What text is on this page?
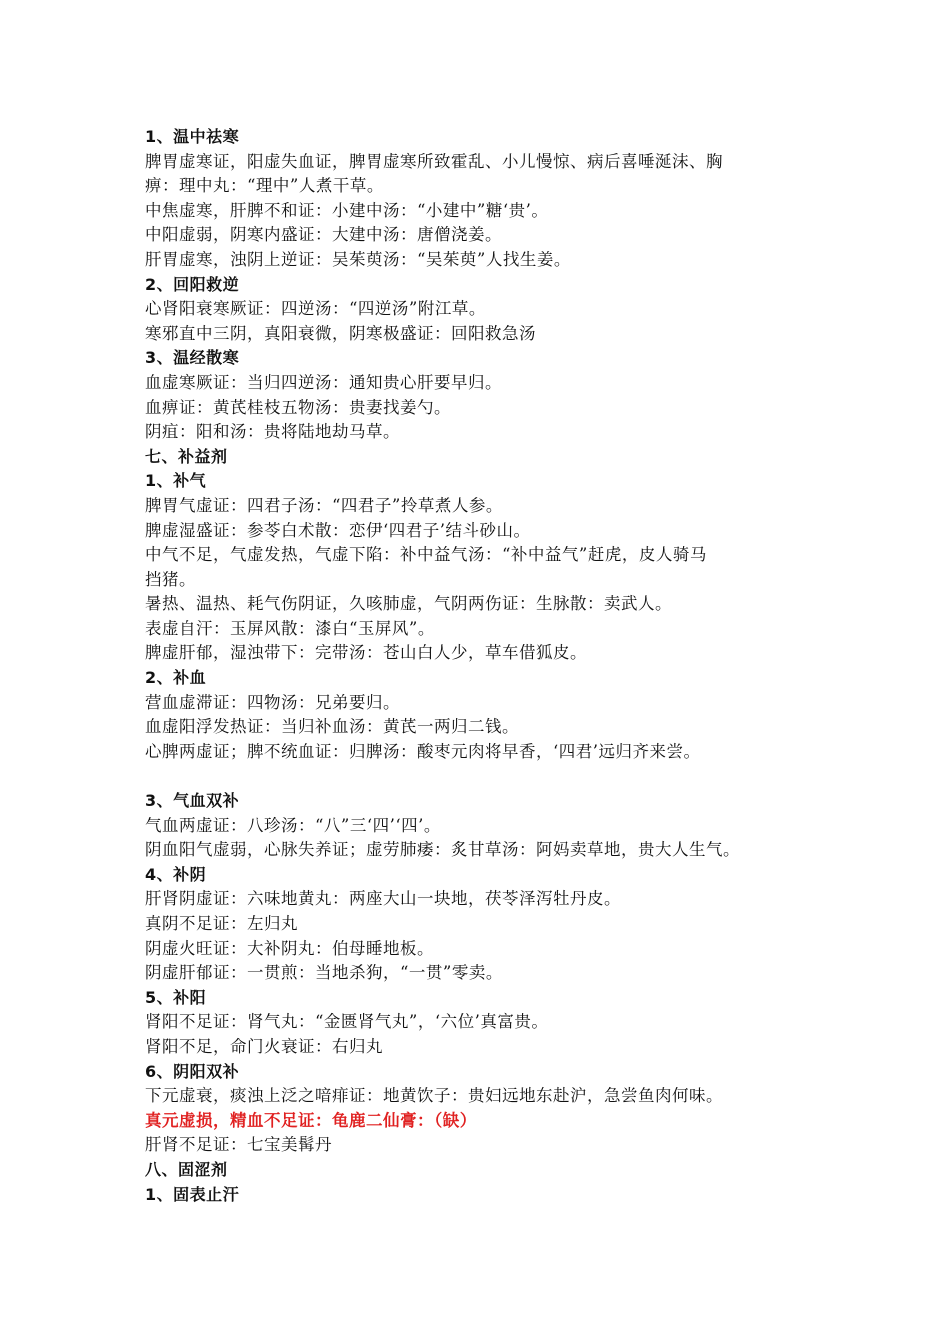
1、温中祛寒
脾胃虚寒证，阳虚失血证，脾胃虚寒所致霍乱、小儿慢惊、病后喜唾涎沫、胸
痹：理中丸：“理中”人煮干草。
中焦虚寒，肝脾不和证：小建中汤：“小建中”糖‘贵’。
中阳虚弱，阴寒内盛证：大建中汤：唐僧浇姜。
肝胃虚寒，浊阴上逆证：吴茱萸汤：“吴茱萸”人找生姜。
2、回阳救逆
心肾阳衰寒厥证：四逆汤：“四逆汤”附江草。
寒邪直中三阴，真阳衰微，阴寒极盛证：回阳救急汤
3、温经散寒
血虚寒厥证：当归四逆汤：通知贵心肝要早归。
血痹证：黄芪桂枝五物汤：贵妻找姜勺。
阴疽：阳和汤：贵将陆地劫马草。
七、补益剂
1、补气
脾胃气虚证：四君子汤：“四君子”拎草煮人参。
脾虚湿盛证：参苓白术散：恋伊‘四君子’结斗砂山。
中气不足，气虚发热，气虚下陷：补中益气汤：“补中益气”赶虎，皮人骑马
挡猪。
暑热、温热、耗气伤阴证，久咳肺虚，气阴两伤证：生脉散：卖武人。
表虚自汗：玉屏风散：漆白“玉屏风”。
脾虚肝郁，湿浊带下：完带汤：苍山白人少，草车借狐皮。
2、补血
营血虚滞证：四物汤：兄弟要归。
血虚阳浮发热证：当归补血汤：黄芪一两归二钱。
心脾两虚证；脾不统血证：归脾汤：酸枣元肉将早香，‘四君’远归齐来尝。
3、气血双补
气血两虚证：八珍汤：“八”三‘四’‘四’。
阴血阳气虚弱，心脉失养证；虚劳肺痿：炙甘草汤：阿妈卖草地，贵大人生气。
4、补阴
肝肾阴虚证：六味地黄丸：两座大山一块地，茯苓泽泻牡丹皮。
真阴不足证：左归丸
阴虚火旺证：大补阴丸：伯母睡地板。
阴虚肝郁证：一贯煎：当地杀狗，“一贯”零卖。
5、补阳
肾阳不足证：肾气丸：“金匮肾气丸”，‘六位’真富贵。
肾阳不足，命门火衰证：右归丸
6、阴阳双补
下元虚衰，痰浊上泛之喑痱证：地黄饮子：贵妇远地东赴沪，急尝鱼肉何味。
真元虚损，精血不足证：龟鹿二仙膏：（缺）
肝肾不足证：七宝美髯丹
八、固涩剂
1、固表止汗
